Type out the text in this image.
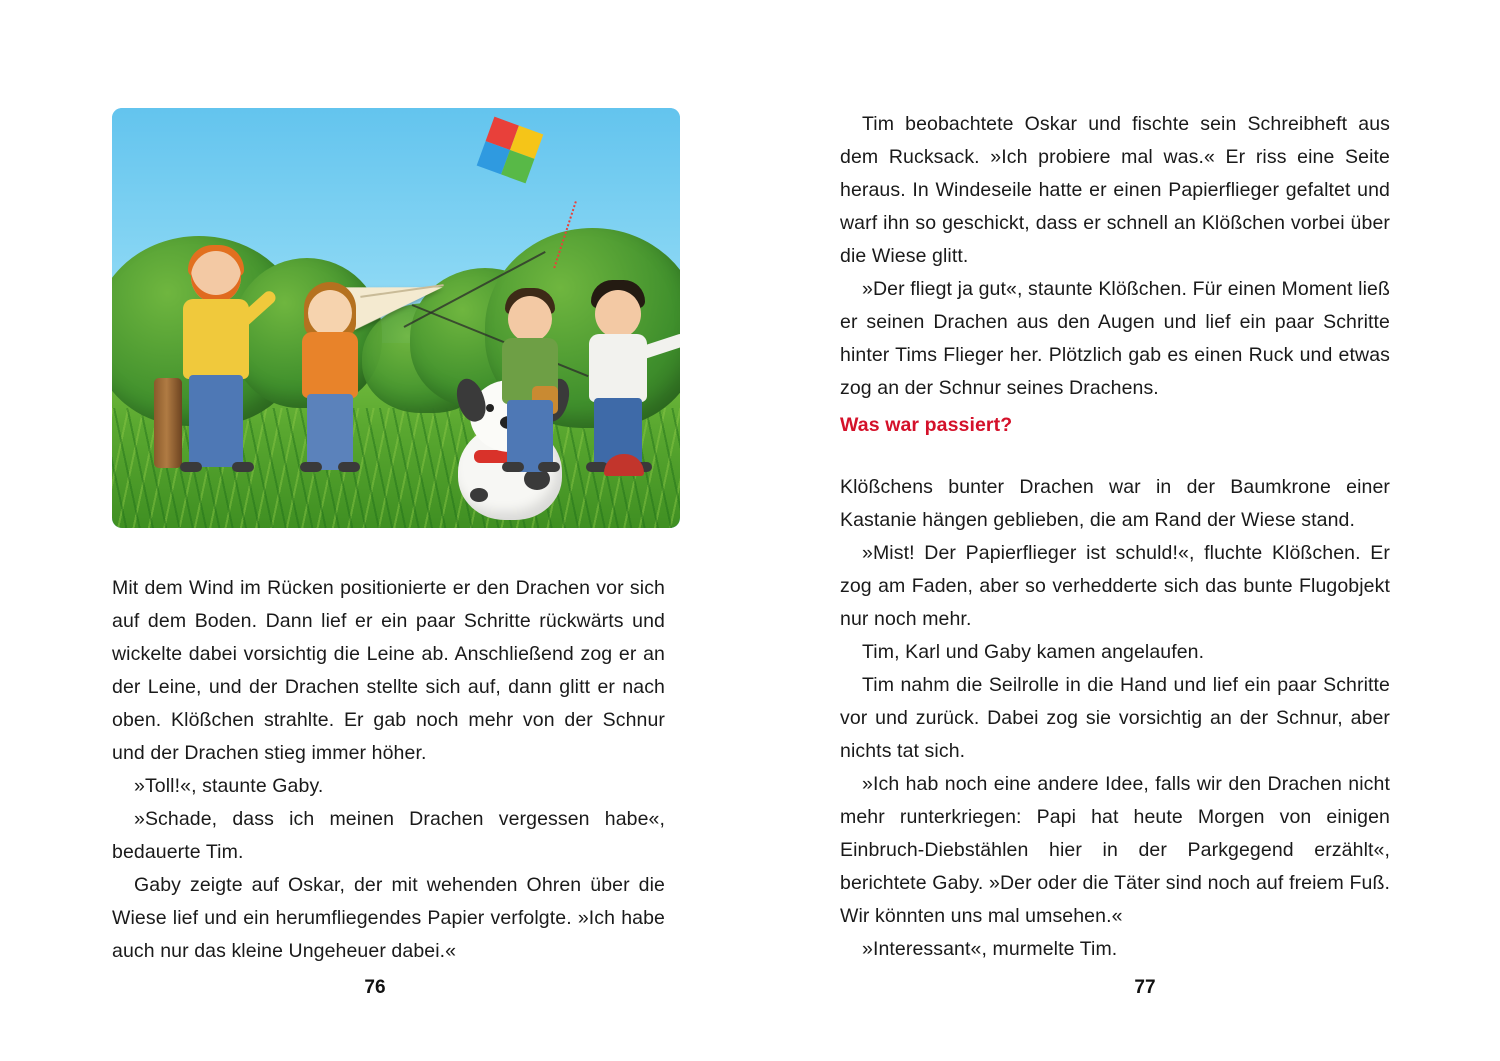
Mit dem Wind im Rücken positionierte er den Drachen vor sich auf dem Boden. Dann lief er ein paar Schritte rückwärts und wickelte dabei vorsichtig die Leine ab. Anschließend zog er an der Leine, und der Drachen stellte sich auf, dann glitt er nach oben. Klößchen strahlte. Er gab noch mehr von der Schnur und der Drachen stieg immer höher.

»Toll!«, staunte Gaby.

»Schade, dass ich meinen Drachen vergessen habe«, bedauerte Tim.

Gaby zeigte auf Oskar, der mit wehenden Ohren über die Wiese lief und ein herumfliegendes Papier verfolgte. »Ich habe auch nur das kleine Ungeheuer dabei.«

76

Tim beobachtete Oskar und fischte sein Schreibheft aus dem Rucksack. »Ich probiere mal was.« Er riss eine Seite heraus. In Windeseile hatte er einen Papierflieger gefaltet und warf ihn so geschickt, dass er schnell an Klößchen vorbei über die Wiese glitt.

»Der fliegt ja gut«, staunte Klößchen. Für einen Moment ließ er seinen Drachen aus den Augen und lief ein paar Schritte hinter Tims Flieger her. Plötzlich gab es einen Ruck und etwas zog an der Schnur seines Drachens.

Was war passiert?

Klößchens bunter Drachen war in der Baumkrone einer Kastanie hängen geblieben, die am Rand der Wiese stand.

»Mist! Der Papierflieger ist schuld!«, fluchte Klößchen. Er zog am Faden, aber so verhedderte sich das bunte Flugobjekt nur noch mehr.

Tim, Karl und Gaby kamen angelaufen.

Tim nahm die Seilrolle in die Hand und lief ein paar Schritte vor und zurück. Dabei zog sie vorsichtig an der Schnur, aber nichts tat sich.

»Ich hab noch eine andere Idee, falls wir den Drachen nicht mehr runterkriegen: Papi hat heute Morgen von einigen Einbruch-Diebstählen hier in der Parkgegend erzählt«, berichtete Gaby. »Der oder die Täter sind noch auf freiem Fuß. Wir könnten uns mal umsehen.«

»Interessant«, murmelte Tim.

77
